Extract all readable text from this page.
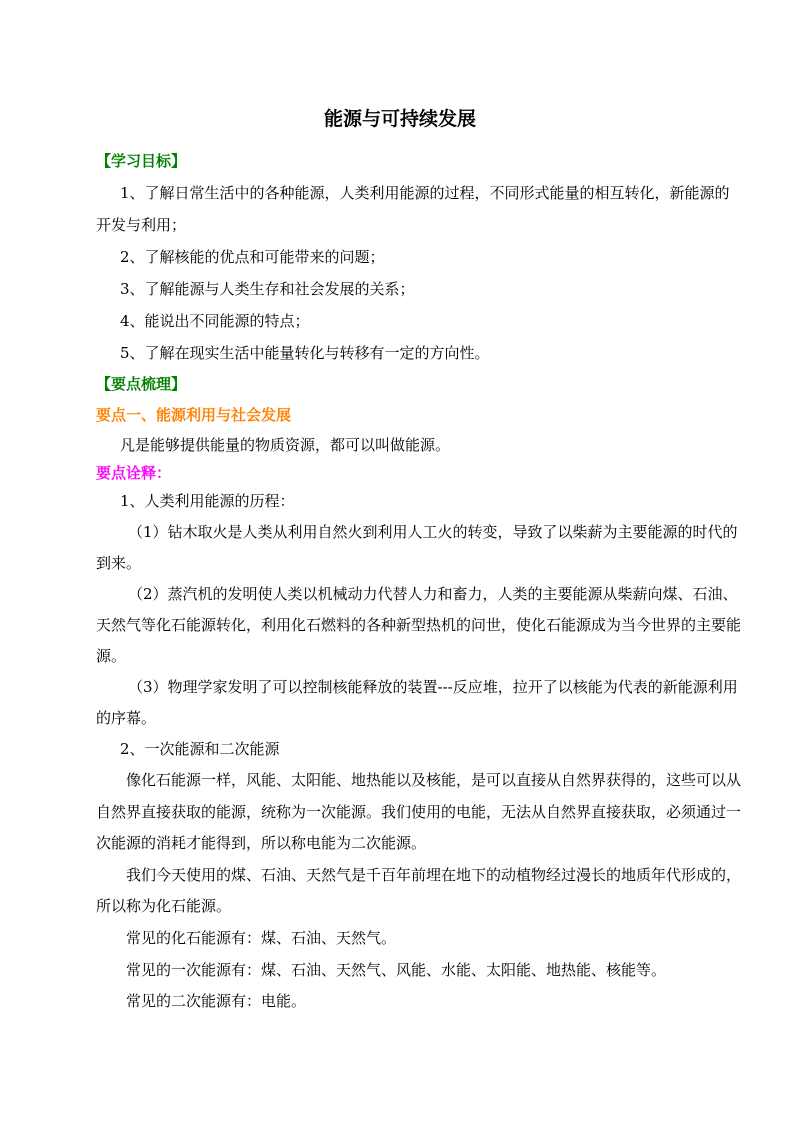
能源与可持续发展
【学习目标】
1、了解日常生活中的各种能源，人类利用能源的过程，不同形式能量的相互转化，新能源的
开发与利用；
2、了解核能的优点和可能带来的问题；
3、了解能源与人类生存和社会发展的关系；
4、能说出不同能源的特点；
5、了解在现实生活中能量转化与转移有一定的方向性。
【要点梳理】
要点一、能源利用与社会发展
凡是能够提供能量的物质资源，都可以叫做能源。
要点诠释：
1、人类利用能源的历程：
（1）钻木取火是人类从利用自然火到利用人工火的转变，导致了以柴薪为主要能源的时代的
到来。
（2）蒸汽机的发明使人类以机械动力代替人力和畜力，人类的主要能源从柴薪向煤、石油、
天然气等化石能源转化，利用化石燃料的各种新型热机的问世，使化石能源成为当今世界的主要能
源。
（3）物理学家发明了可以控制核能释放的装置---反应堆，拉开了以核能为代表的新能源利用
的序幕。
2、一次能源和二次能源
像化石能源一样，风能、太阳能、地热能以及核能，是可以直接从自然界获得的，这些可以从
自然界直接获取的能源，统称为一次能源。我们使用的电能，无法从自然界直接获取，必须通过一
次能源的消耗才能得到，所以称电能为二次能源。
我们今天使用的煤、石油、天然气是千百年前埋在地下的动植物经过漫长的地质年代形成的，
所以称为化石能源。
常见的化石能源有：煤、石油、天然气。
常见的一次能源有：煤、石油、天然气、风能、水能、太阳能、地热能、核能等。
常见的二次能源有：电能。
